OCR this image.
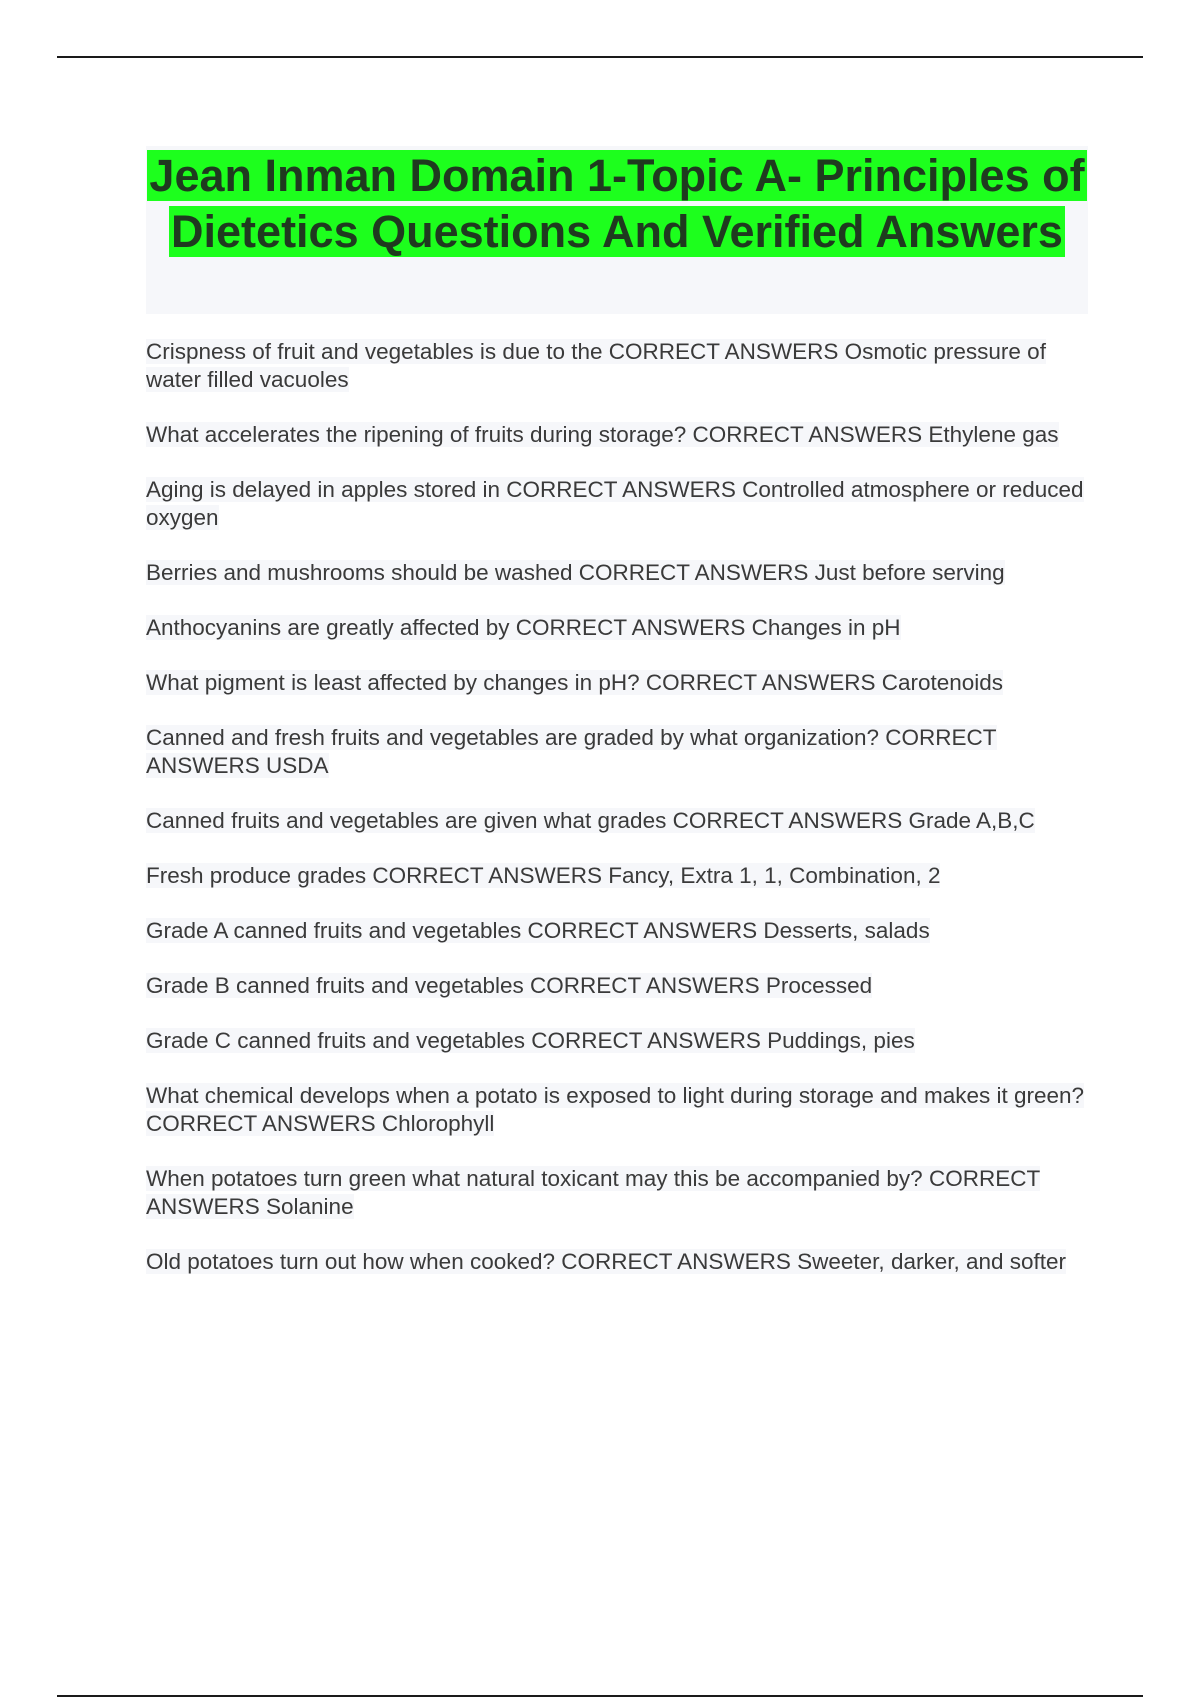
Jean Inman Domain 1-Topic A- Principles of Dietetics Questions And Verified Answers
Crispness of fruit and vegetables is due to the CORRECT ANSWERS Osmotic pressure of water filled vacuoles
What accelerates the ripening of fruits during storage? CORRECT ANSWERS Ethylene gas
Aging is delayed in apples stored in CORRECT ANSWERS Controlled atmosphere or reduced oxygen
Berries and mushrooms should be washed CORRECT ANSWERS Just before serving
Anthocyanins are greatly affected by CORRECT ANSWERS Changes in pH
What pigment is least affected by changes in pH? CORRECT ANSWERS Carotenoids
Canned and fresh fruits and vegetables are graded by what organization? CORRECT ANSWERS USDA
Canned fruits and vegetables are given what grades CORRECT ANSWERS Grade A,B,C
Fresh produce grades CORRECT ANSWERS Fancy, Extra 1, 1, Combination, 2
Grade A canned fruits and vegetables CORRECT ANSWERS Desserts, salads
Grade B canned fruits and vegetables CORRECT ANSWERS Processed
Grade C canned fruits and vegetables CORRECT ANSWERS Puddings, pies
What chemical develops when a potato is exposed to light during storage and makes it green? CORRECT ANSWERS Chlorophyll
When potatoes turn green what natural toxicant may this be accompanied by? CORRECT ANSWERS Solanine
Old potatoes turn out how when cooked? CORRECT ANSWERS Sweeter, darker, and softer
